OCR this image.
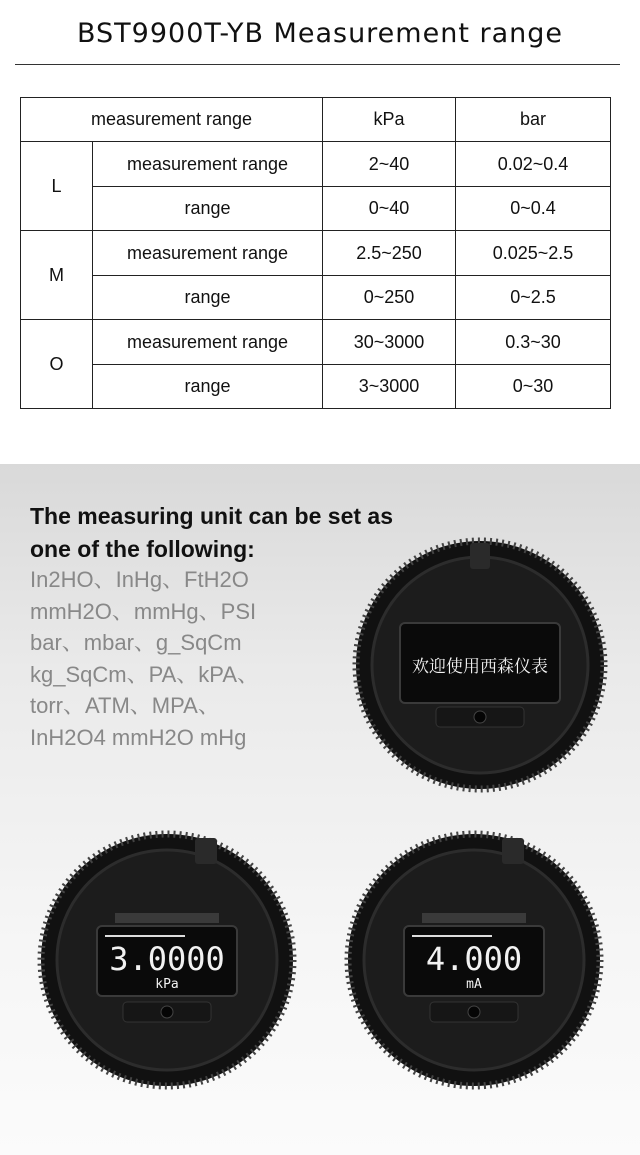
BST9900T-YB Measurement range
measurement range		kPa	bar
L	measurement range	2~40	0.02~0.4
	range	0~40	0~0.4
M	measurement range	2.5~250	0.025~2.5
	range	0~250	0~2.5
O	measurement range	30~3000	0.3~30
	range	3~3000	0~30
The measuring unit can be set as
one of the following:
In2HO、InHg、FtH2O
mmH2O、mmHg、PSI
bar、mbar、g_SqCm
kg_SqCm、PA、kPA、
torr、ATM、MPA、
InH2O4 mmH2O mHg
欢迎使用西森仪表
3.0000
kPa
4.000
mA
